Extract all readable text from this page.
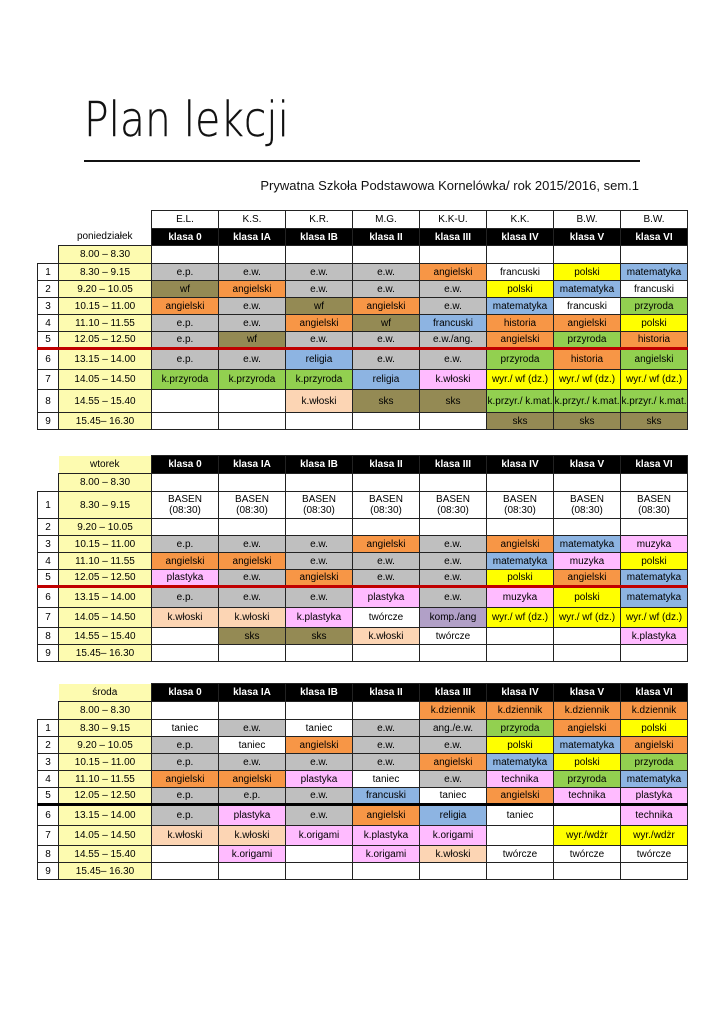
Plan lekcji
Prywatna Szkoła Podstawowa Kornelówka/ rok 2015/2016, sem.1
		E.L.	K.S.	K.R.	M.G.	K.K-U.	K.K.	B.W.	B.W.
	poniedziałek	klasa 0	klasa IA	klasa IB	klasa II	klasa III	klasa IV	klasa V	klasa VI
	8.00 – 8.30								
1	8.30 – 9.15	e.p.	e.w.	e.w.	e.w.	angielski	francuski	polski	matematyka
2	9.20 – 10.05	wf	angielski	e.w.	e.w.	e.w.	polski	matematyka	francuski
3	10.15 – 11.00	angielski	e.w.	wf	angielski	e.w.	matematyka	francuski	przyroda
4	11.10 – 11.55	e.p.	e.w.	angielski	wf	francuski	historia	angielski	polski
5	12.05 – 12.50	e.p.	wf	e.w.	e.w.	e.w./ang.	angielski	przyroda	historia
6	13.15 – 14.00	e.p.	e.w.	religia	e.w.	e.w.	przyroda	historia	angielski
7	14.05 – 14.50	k.przyroda	k.przyroda	k.przyroda	religia	k.włoski	wyr./ wf (dz.)	wyr./ wf (dz.)	wyr./ wf (dz.)
8	14.55 – 15.40			k.włoski	sks	sks	k.przyr./ k.mat.	k.przyr./ k.mat.	k.przyr./ k.mat.
9	15.45– 16.30						sks	sks	sks
	wtorek	klasa 0	klasa IA	klasa IB	klasa II	klasa III	klasa IV	klasa V	klasa VI
	8.00 – 8.30								
1	8.30 – 9.15	BASEN (08:30)	BASEN (08:30)	BASEN (08:30)	BASEN (08:30)	BASEN (08:30)	BASEN (08:30)	BASEN (08:30)	BASEN (08:30)
2	9.20 – 10.05								
3	10.15 – 11.00	e.p.	e.w.	e.w.	angielski	e.w.	angielski	matematyka	muzyka
4	11.10 – 11.55	angielski	angielski	e.w.	e.w.	e.w.	matematyka	muzyka	polski
5	12.05 – 12.50	plastyka	e.w.	angielski	e.w.	e.w.	polski	angielski	matematyka
6	13.15 – 14.00	e.p.	e.w.	e.w.	plastyka	e.w.	muzyka	polski	matematyka
7	14.05 – 14.50	k.włoski	k.włoski	k.plastyka	twórcze	komp./ang	wyr./ wf (dz.)	wyr./ wf (dz.)	wyr./ wf (dz.)
8	14.55 – 15.40		sks	sks	k.włoski	twórcze			k.plastyka
9	15.45– 16.30								
	środa	klasa 0	klasa IA	klasa IB	klasa II	klasa III	klasa IV	klasa V	klasa VI
	8.00 – 8.30					k.dziennik	k.dziennik	k.dziennik	k.dziennik
1	8.30 – 9.15	taniec	e.w.	taniec	e.w.	ang./e.w.	przyroda	angielski	polski
2	9.20 – 10.05	e.p.	taniec	angielski	e.w.	e.w.	polski	matematyka	angielski
3	10.15 – 11.00	e.p.	e.w.	e.w.	e.w.	angielski	matematyka	polski	przyroda
4	11.10 – 11.55	angielski	angielski	plastyka	taniec	e.w.	technika	przyroda	matematyka
5	12.05 – 12.50	e.p.	e.p.	e.w.	francuski	taniec	angielski	technika	plastyka
6	13.15 – 14.00	e.p.	plastyka	e.w.	angielski	religia	taniec		technika
7	14.05 – 14.50	k.włoski	k.włoski	k.origami	k.plastyka	k.origami		wyr./wdżr	wyr./wdżr
8	14.55 – 15.40		k.origami		k.origami	k.włoski	twórcze	twórcze	twórcze
9	15.45– 16.30								
